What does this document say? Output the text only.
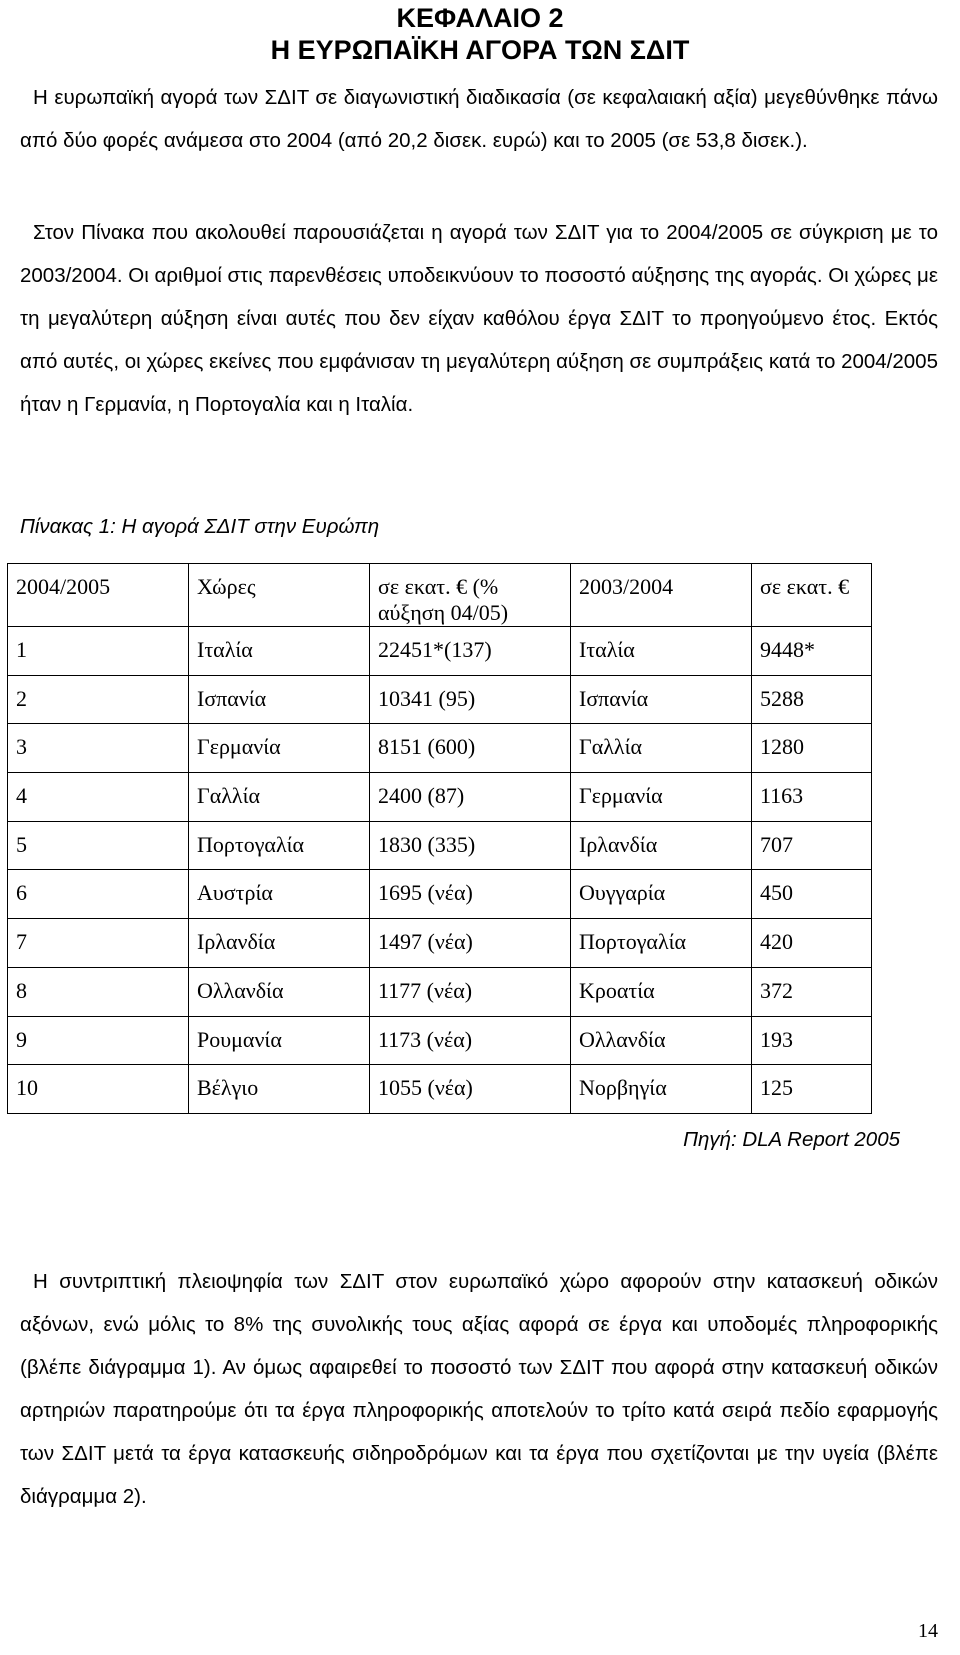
ΚΕΦΑΛΑΙΟ 2
Η ΕΥΡΩΠΑΪΚΗ ΑΓΟΡΑ ΤΩΝ ΣΔΙΤ

Η ευρωπαϊκή αγορά των ΣΔΙΤ σε διαγωνιστική διαδικασία (σε κεφαλαιακή αξία) μεγεθύνθηκε πάνω από δύο φορές ανάμεσα στο 2004 (από 20,2 δισεκ. ευρώ) και το 2005 (σε 53,8 δισεκ.).

Στον Πίνακα που ακολουθεί παρουσιάζεται η αγορά των ΣΔΙΤ για το 2004/2005 σε σύγκριση με το 2003/2004. Οι αριθμοί στις παρενθέσεις υποδεικνύουν το ποσοστό αύξησης της αγοράς. Οι χώρες με τη μεγαλύτερη αύξηση είναι αυτές που δεν είχαν καθόλου έργα ΣΔΙΤ το προηγούμενο έτος. Εκτός από αυτές, οι χώρες εκείνες που εμφάνισαν τη μεγαλύτερη αύξηση σε συμπράξεις κατά το 2004/2005 ήταν η Γερμανία, η Πορτογαλία και η Ιταλία.

Πίνακας 1: Η αγορά ΣΔΙΤ στην Ευρώπη

2004/2005	Χώρες	σε εκατ. € (% αύξηση 04/05)	2003/2004	σε εκατ. €
1	Ιταλία	22451*(137)	Ιταλία	9448*
2	Ισπανία	10341 (95)	Ισπανία	5288
3	Γερμανία	8151 (600)	Γαλλία	1280
4	Γαλλία	2400 (87)	Γερμανία	1163
5	Πορτογαλία	1830 (335)	Ιρλανδία	707
6	Αυστρία	1695 (νέα)	Ουγγαρία	450
7	Ιρλανδία	1497 (νέα)	Πορτογαλία	420
8	Ολλανδία	1177 (νέα)	Κροατία	372
9	Ρουμανία	1173 (νέα)	Ολλανδία	193
10	Βέλγιο	1055 (νέα)	Νορβηγία	125

Πηγή: DLA Report 2005

Η συντριπτική πλειοψηφία των ΣΔΙΤ στον ευρωπαϊκό χώρο αφορούν στην κατασκευή οδικών αξόνων, ενώ μόλις το 8% της συνολικής τους αξίας αφορά σε έργα και υποδομές πληροφορικής (βλέπε διάγραμμα 1). Αν όμως αφαιρεθεί το ποσοστό των ΣΔΙΤ που αφορά στην κατασκευή οδικών αρτηριών παρατηρούμε ότι τα έργα πληροφορικής αποτελούν το τρίτο κατά σειρά πεδίο εφαρμογής των ΣΔΙΤ μετά τα έργα κατασκευής σιδηροδρόμων και τα έργα που σχετίζονται με την υγεία (βλέπε διάγραμμα 2).

14
